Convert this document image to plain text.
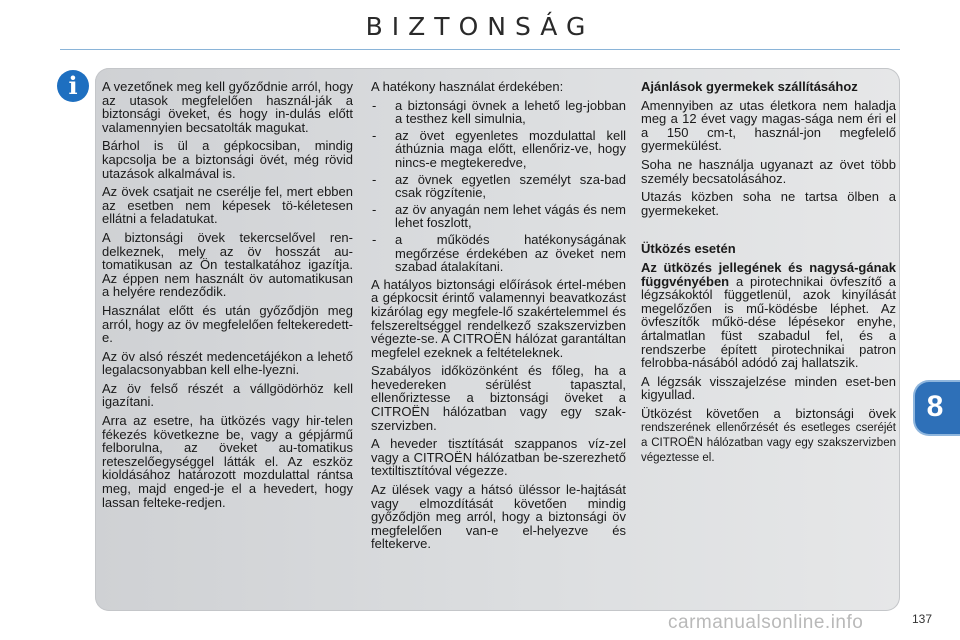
BIZTONSÁG
i	A vezetőnek meg kell győződnie arról, hogy az utasok megfelelően használ-ják a biztonsági öveket, és hogy in-dulás előtt valamennyien becsatolták magukat.

Bárhol is ül a gépkocsiban, mindig kapcsolja be a biztonsági övét, még rövid utazások alkalmával is.

Az övek csatjait ne cserélje fel, mert ebben az esetben nem képesek tö-kéletesen ellátni a feladatukat.

A biztonsági övek tekercselővel ren-delkeznek, mely az öv hosszát au-tomatikusan az Ön testalkatához igazítja. Az éppen nem használt öv automatikusan a helyére rendeződik.

Használat előtt és után győződjön meg arról, hogy az öv megfelelően feltekeredett-e.

Az öv alsó részét medencetájékon a lehető legalacsonyabban kell elhe-lyezni.

Az öv felső részét a vállgödörhöz kell igazítani.

Arra az esetre, ha ütközés vagy hir-telen fékezés következne be, vagy a gépjármű felborulna, az öveket au-tomatikus reteszelőegységgel látták el. Az eszköz kioldásához határozott mozdulattal rántsa meg, majd enged-je el a hevedert, hogy lassan felteke-redjen.

A hatékony használat érdekében:

- a biztonsági övnek a lehető leg-jobban a testhez kell simulnia,
- az övet egyenletes mozdulattal kell áthúznia maga előtt, ellenőriz-ve, hogy nincs-e megtekeredve,
- az övnek egyetlen személyt sza-bad csak rögzítenie,
- az öv anyagán nem lehet vágás és nem lehet foszlott,
- a működés hatékonyságának megőrzése érdekében az öveket nem szabad átalakítani.

A hatályos biztonsági előírások értel-mében a gépkocsit érintő valamennyi beavatkozást kizárólag egy megfele-lő szakértelemmel és felszereltséggel rendelkező szakszervizben végezte-se. A CITROËN hálózat garantáltan megfelel ezeknek a feltételeknek.

Szabályos időközönként és főleg, ha a hevedereken sérülést tapasztal, ellenőriztesse a biztonsági öveket a CITROËN hálózatban vagy egy szak-szervizben.

A heveder tisztítását szappanos víz-zel vagy a CITROËN hálózatban be-szerezhető textiltisztítóval végezze.

Az ülések vagy a hátsó üléssor le-hajtását vagy elmozdítását követően mindig győződjön meg arról, hogy a biztonsági öv megfelelően van-e el-helyezve és feltekerve.

Ajánlások gyermekek szállításához

Amennyiben az utas életkora nem haladja meg a 12 évet vagy magas-sága nem éri el a 150 cm-t, használ-jon megfelelő gyermekülést.

Soha ne használja ugyanazt az övet több személy becsatolásához.

Utazás közben soha ne tartsa ölben a gyermekeket.

Ütközés esetén

Az ütközés jellegének és nagysá-gának függvényében a pirotechnikai övfeszítő a légzsákoktól függetlenül, azok kinyílását megelőzően is mű-ködésbe léphet. Az övfeszítők műkö-dése lépésekor enyhe, ártalmatlan füst szabadul fel, és a rendszerbe épített pirotechnikai patron felrobba-násából adódó zaj hallatszik.

A légzsák visszajelzése minden eset-ben kigyullad.

Ütközést követően a biztonsági övek rendszerének ellenőrzését és esetleges cseréjét a CITROËN hálózatban vagy egy szakszervizben végeztesse el.

8
carmanualsonline.info	137
